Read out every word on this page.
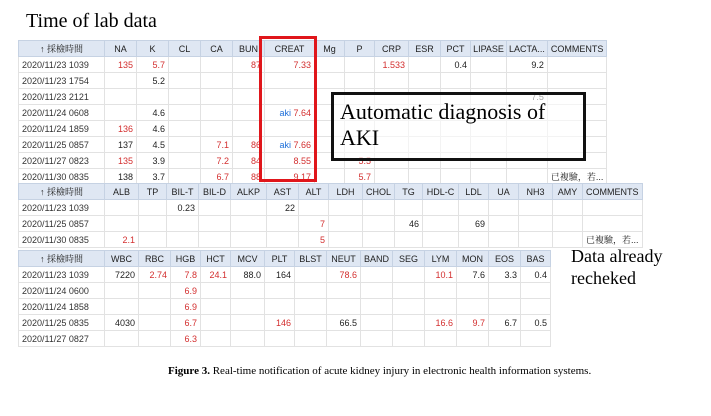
Time of lab data
↑ 採檢時間	NA	K	CL	CA	BUN	CREAT	Mg	P	CRP	ESR	PCT	LIPASE	LACTA...	COMMENTS
2020/11/23 1039	135	5.7			87	7.33			1.533		0.4		9.2	
2020/11/23 1754		5.2												
2020/11/23 2121														
2020/11/24 0608		4.6				aki 7.64								
2020/11/24 1859	136	4.6												
2020/11/25 0857	137	4.5		7.1	86	aki 7.66								
2020/11/27 0823	135	3.9		7.2	84	8.55								
2020/11/30 0835	138	3.7		6.7	88	9.17		5.7						已複驗，若...
↑ 採檢時間	ALB	TP	BIL-T	BIL-D	ALKP	AST	ALT	LDH	CHOL	TG	HDL-C	LDL	UA	NH3	AMY	COMMENTS
2020/11/23 1039			0.23			22										
2020/11/25 0857							7			46		69				
2020/11/30 0835	2.1						5									已複驗，若...
↑ 採檢時間	WBC	RBC	HGB	HCT	MCV	PLT	BLST	NEUT	BAND	SEG	LYM	MON	EOS	BAS
2020/11/23 1039	7220	2.74	7.8	24.1	88.0	164		78.6			10.1	7.6	3.3	0.4
2020/11/24 0600			6.9											
2020/11/24 1858			6.9											
2020/11/25 0835	4030		6.7			146		66.5			16.6	9.7	6.7	0.5
2020/11/27 0827			6.3											
Automatic diagnosis of AKI
Data already recheked
Figure 3. Real-time notification of acute kidney injury in electronic health information systems.
